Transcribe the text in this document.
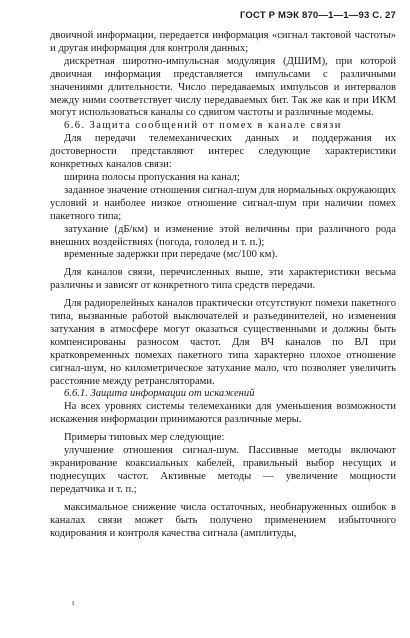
ГОСТ Р МЭК 870—1—1—93 С. 27

двоичной информации, передается информация «сигнал тактовой частоты» и другая информация для контроля данных;

дискретная широтно-импульсная модуляция (ДШИМ), при которой двоичная информация представляется импульсами с различными значениями длительности. Число передаваемых импульсов и интервалов между ними соответствует числу передаваемых бит. Так же как и при ИКМ могут использоваться каналы со сдвигом частоты и различные модемы.

6.6. Защита сообщений от помех в канале связи

Для передачи телемеханических данных и поддержания их достоверности представляют интерес следующие характеристики конкретных каналов связи:

ширина полосы пропускания на канал;

заданное значение отношения сигнал-шум для нормальных окружающих условий и наиболее низкое отношение сигнал-шум при наличии помех пакетного типа;

затухание (дБ/км) и изменение этой величины при различного рода внешних воздействиях (погода, гололед и т. п.);

временные задержки при передаче (мс/100 км).

Для каналов связи, перечисленных выше, эти характеристики весьма различны и зависят от конкретного типа средств передачи.

Для радиорелейных каналов практически отсутствуют помехи пакетного типа, вызванные работой выключателей и разъединителей, но изменения затухания в атмосфере могут оказаться существенными и должны быть компенсированы разносом частот. Для ВЧ каналов по ВЛ при кратковременных помехах пакетного типа характерно плохое отношение сигнал-шум, но километрическое затухание мало, что позволяет увеличить расстояние между ретрансляторами.

6.6.1. Защита информации от искажений

На всех уровнях системы телемеханики для уменьшения возможности искажения информации принимаются различные меры.

Примеры типовых мер следующие:

улучшение отношения сигнал-шум. Пассивные методы включают экранирование коаксиальных кабелей, правильный выбор несущих и поднесущих частот. Активные методы — увеличение мощности передатчика и т. п.;

максимальное снижение числа остаточных, необнаруженных ошибок в каналах связи может быть получено применением избыточного кодирования и контроля качества сигнала (амплитуды,

ı
